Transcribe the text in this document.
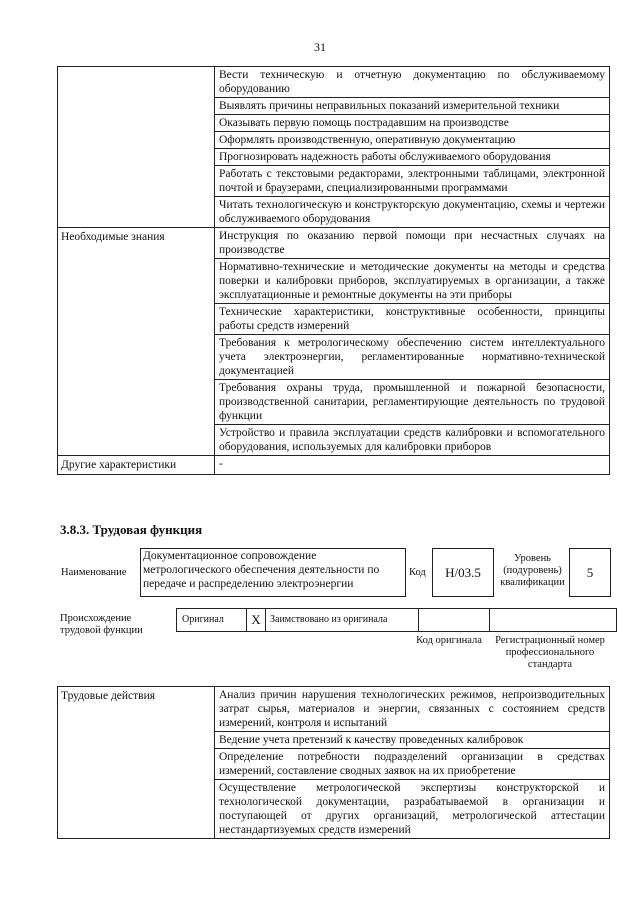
31
	Вести техническую и отчетную документацию по обслуживаемому оборудованию
	Выявлять причины неправильных показаний измерительной техники
	Оказывать первую помощь пострадавшим на производстве
	Оформлять производственную, оперативную документацию
	Прогнозировать надежность работы обслуживаемого оборудования
	Работать с текстовыми редакторами, электронными таблицами, электронной почтой и браузерами, специализированными программами
	Читать технологическую и конструкторскую документацию, схемы и чертежи обслуживаемого оборудования
Необходимые знания	Инструкция по оказанию первой помощи при несчастных случаях на производстве
	Нормативно-технические и методические документы на методы и средства поверки и калибровки приборов, эксплуатируемых в организации, а также эксплуатационные и ремонтные документы на эти приборы
	Технические характеристики, конструктивные особенности, принципы работы средств измерений
	Требования к метрологическому обеспечению систем интеллектуального учета электроэнергии, регламентированные нормативно-технической документацией
	Требования охраны труда, промышленной и пожарной безопасности, производственной санитарии, регламентирующие деятельность по трудовой функции
	Устройство и правила эксплуатации средств калибровки и вспомогательного оборудования, используемых для калибровки приборов
Другие характеристики	-
3.8.3. Трудовая функция
Наименование
Документационное сопровождение метрологического обеспечения деятельности по передаче и распределению электроэнергии
Код	H/03.5
Уровень (подуровень) квалификации
5
Происхождение трудовой функции
Оригинал	X	Заимствовано из оригинала		
Код оригинала	Регистрационный номер профессионального стандарта
Трудовые действия	Анализ причин нарушения технологических режимов, непроизводительных затрат сырья, материалов и энергии, связанных с состоянием средств измерений, контроля и испытаний
Ведение учета претензий к качеству проведенных калибровок
Определение потребности подразделений организации в средствах измерений, составление сводных заявок на их приобретение
Осуществление метрологической экспертизы конструкторской и технологической документации, разрабатываемой в организации и поступающей от других организаций, метрологической аттестации нестандартизуемых средств измерений
